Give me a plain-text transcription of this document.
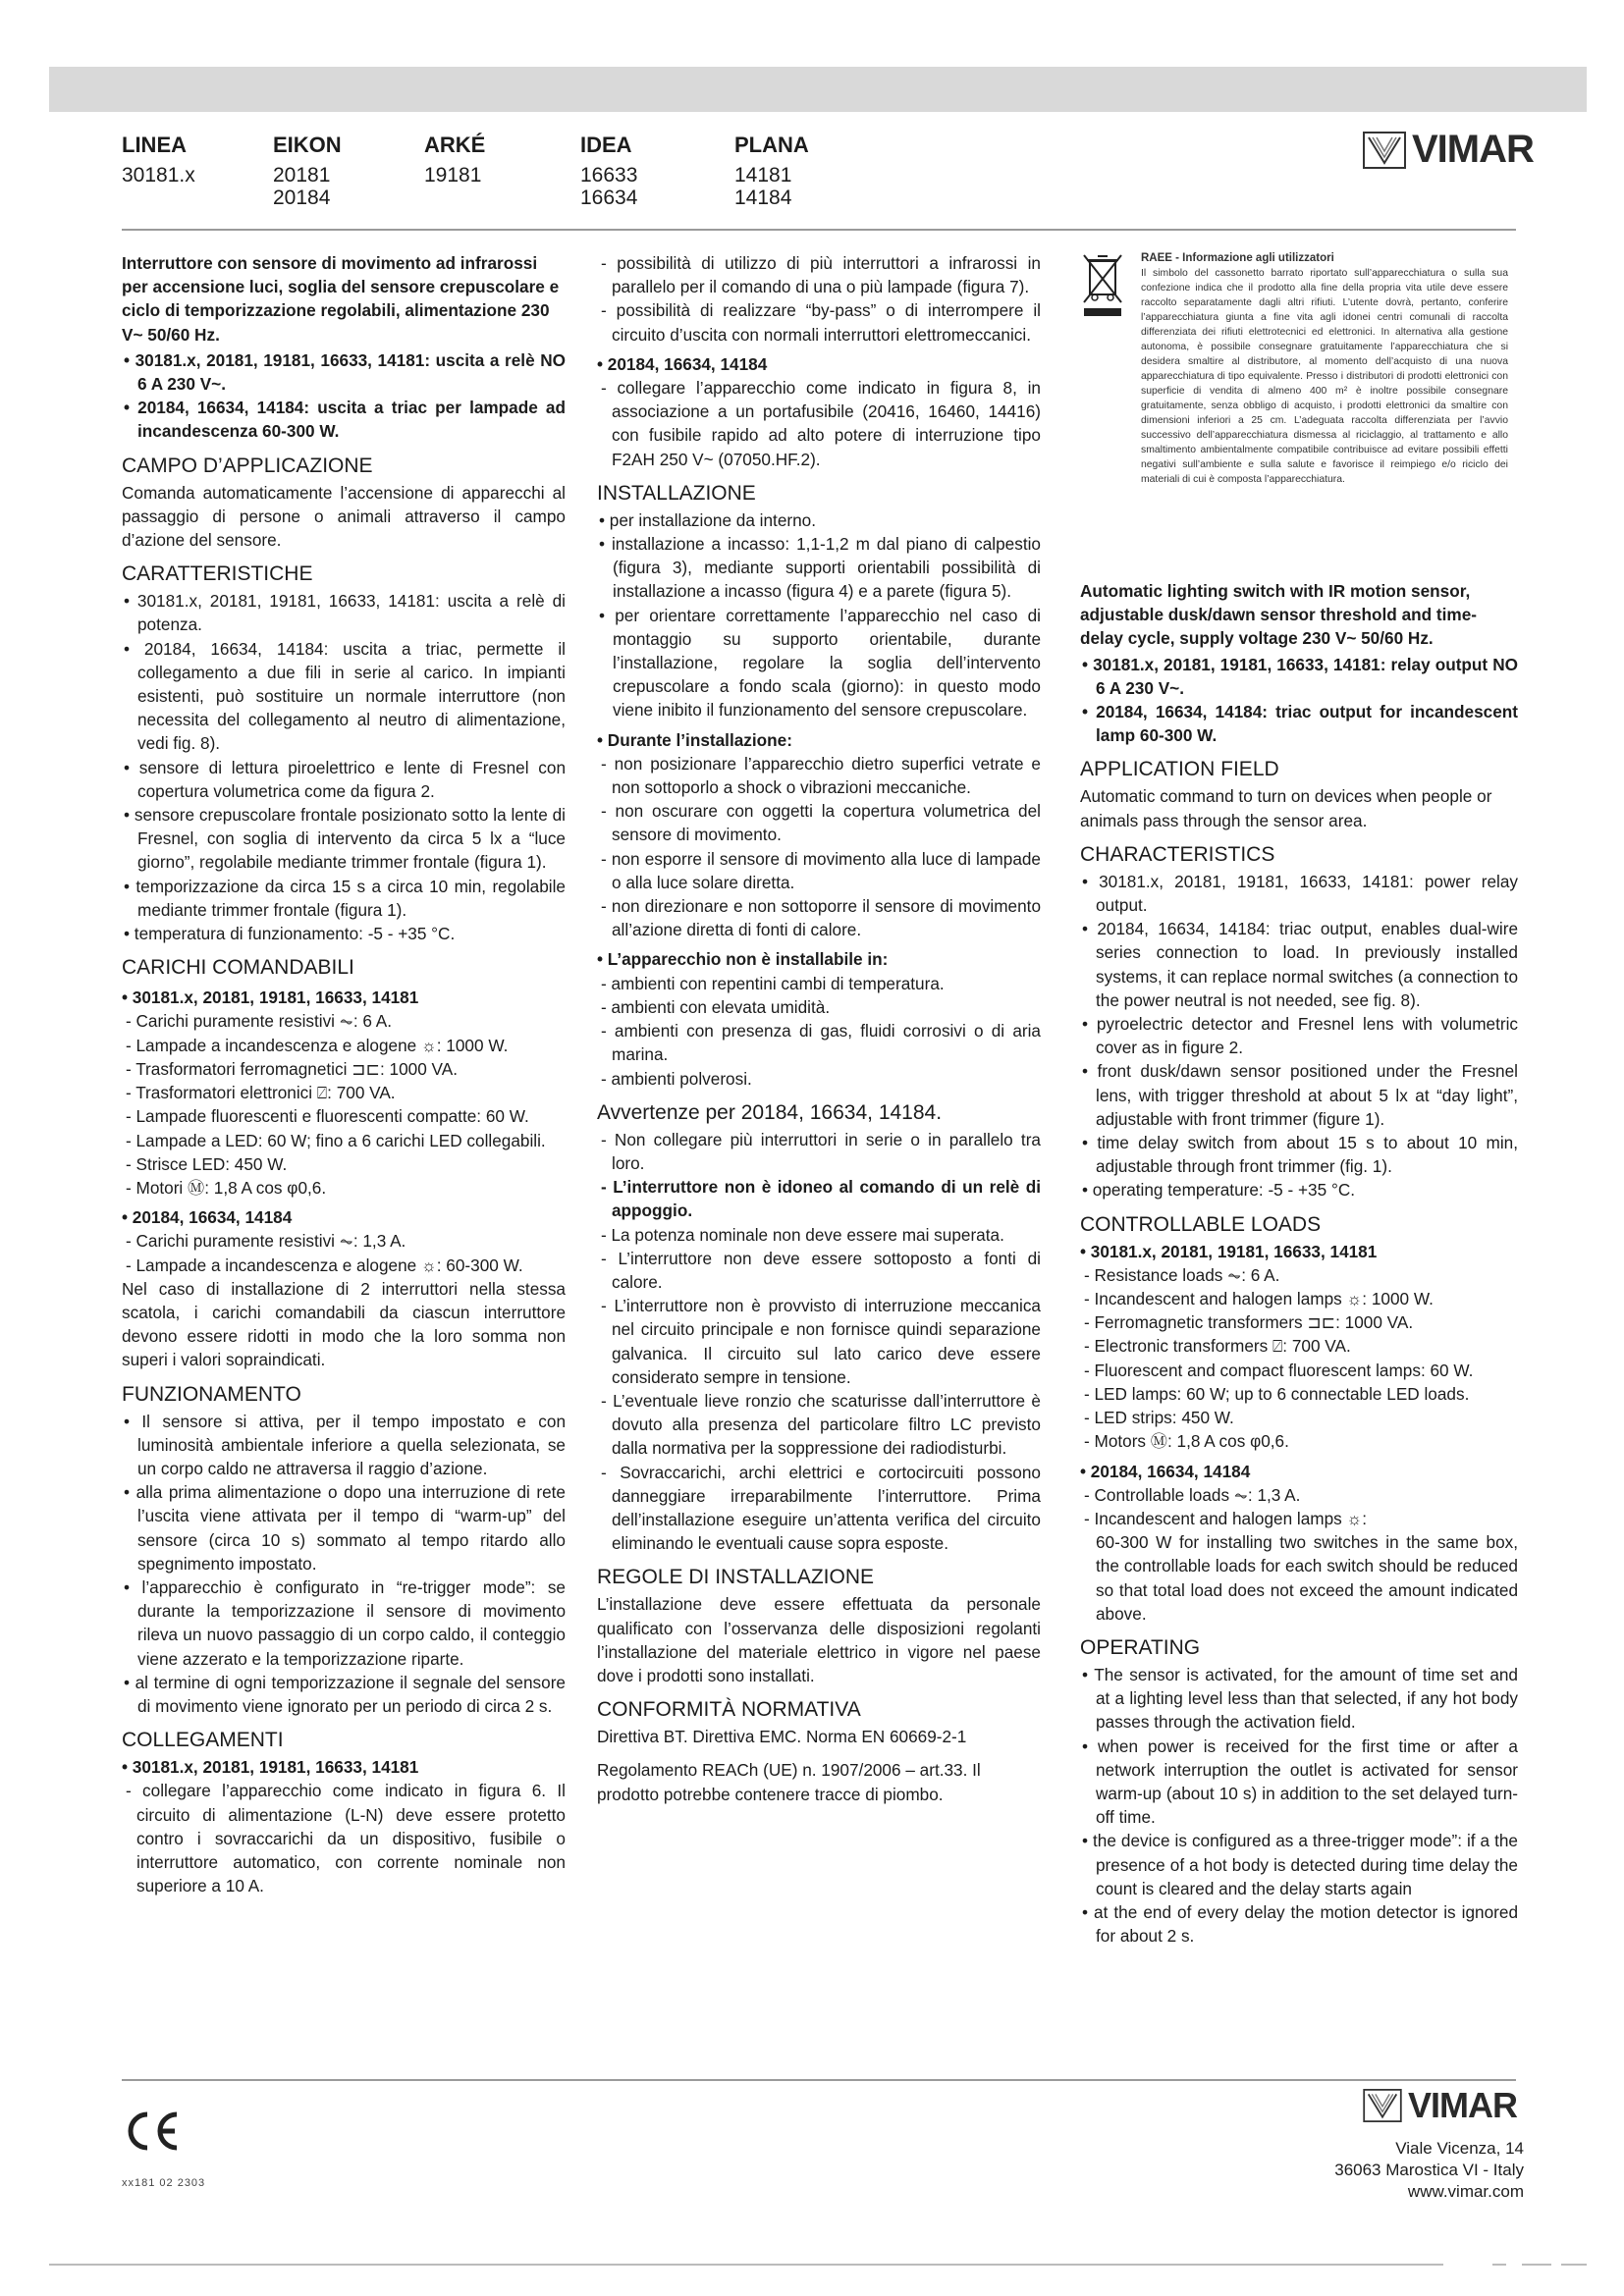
LINEA
30181.x
EIKON
20181
20184
ARKÉ
19181
IDEA
16633
16634
PLANA
14181
14184
VIMAR

Interruttore con sensore di movimento ad infrarossi per accensione luci, soglia del sensore crepuscolare e ciclo di temporizzazione regolabili, alimentazione 230 V~ 50/60 Hz.

• 30181.x, 20181, 19181, 16633, 14181: uscita a relè NO 6 A 230 V~.

• 20184, 16634, 14184: uscita a triac per lampade ad incandescenza 60-300 W.

CAMPO D’APPLICAZIONE

Comanda automaticamente l’accensione di apparecchi al passaggio di persone o animali attraverso il campo d’azione del sensore.

CARATTERISTICHE

• 30181.x, 20181, 19181, 16633, 14181: uscita a relè di potenza.

• 20184, 16634, 14184: uscita a triac, permette il collegamento a due fili in serie al carico. In impianti esistenti, può sostituire un normale interruttore (non necessita del collegamento al neutro di alimentazione, vedi fig. 8).

• sensore di lettura piroelettrico e lente di Fresnel con copertura volumetrica come da figura 2.

• sensore crepuscolare frontale posizionato sotto la lente di Fresnel, con soglia di intervento da circa 5 lx a “luce giorno”, regolabile mediante trimmer frontale (figura 1).

• temporizzazione da circa 15 s a circa 10 min, regolabile mediante trimmer frontale (figura 1).

• temperatura di funzionamento: -5 - +35 °C.

CARICHI COMANDABILI

• 30181.x, 20181, 19181, 16633, 14181

- Carichi puramente resistivi ⏦: 6 A.

- Lampade a incandescenza e alogene ☼: 1000 W.

- Trasformatori ferromagnetici ⊐⊏: 1000 VA.

- Trasformatori elettronici ⍁: 700 VA.

- Lampade fluorescenti e fluorescenti compatte: 60 W.

- Lampade a LED: 60 W; fino a 6 carichi LED collegabili.

- Strisce LED: 450 W.

- Motori Ⓜ: 1,8 A cos φ0,6.

• 20184, 16634, 14184

- Carichi puramente resistivi ⏦: 1,3 A.

- Lampade a incandescenza e alogene ☼: 60-300 W.

Nel caso di installazione di 2 interruttori nella stessa scatola, i carichi comandabili da ciascun interruttore devono essere ridotti in modo che la loro somma non superi i valori sopraindicati.

FUNZIONAMENTO

• Il sensore si attiva, per il tempo impostato e con luminosità ambientale inferiore a quella selezionata, se un corpo caldo ne attraversa il raggio d’azione.

• alla prima alimentazione o dopo una interruzione di rete l’uscita viene attivata per il tempo di “warm-up” del sensore (circa 10 s) sommato al tempo ritardo allo spegnimento impostato.

• l’apparecchio è configurato in “re-trigger mode”: se durante la temporizzazione il sensore di movimento rileva un nuovo passaggio di un corpo caldo, il conteggio viene azzerato e la temporizzazione riparte.

• al termine di ogni temporizzazione il segnale del sensore di movimento viene ignorato per un periodo di circa 2 s.

COLLEGAMENTI

• 30181.x, 20181, 19181, 16633, 14181

- collegare l’apparecchio come indicato in figura 6. Il circuito di alimentazione (L-N) deve essere protetto contro i sovraccarichi da un dispositivo, fusibile o interruttore automatico, con corrente nominale non superiore a 10 A.

- possibilità di utilizzo di più interruttori a infrarossi in parallelo per il comando di una o più lampade (figura 7).

- possibilità di realizzare “by-pass” o di interrompere il circuito d’uscita con normali interruttori elettromeccanici.

• 20184, 16634, 14184

- collegare l’apparecchio come indicato in figura 8, in associazione a un portafusibile (20416, 16460, 14416) con fusibile rapido ad alto potere di interruzione tipo F2AH 250 V~ (07050.HF.2).

INSTALLAZIONE

• per installazione da interno.

• installazione a incasso: 1,1-1,2 m dal piano di calpestio (figura 3), mediante supporti orientabili possibilità di installazione a incasso (figura 4) e a parete (figura 5).

• per orientare correttamente l’apparecchio nel caso di montaggio su supporto orientabile, durante l’installazione, regolare la soglia dell’intervento crepuscolare a fondo scala (giorno): in questo modo viene inibito il funzionamento del sensore crepuscolare.

• Durante l’installazione:

- non posizionare l’apparecchio dietro superfici vetrate e non sottoporlo a shock o vibrazioni meccaniche.

- non oscurare con oggetti la copertura volumetrica del sensore di movimento.

- non esporre il sensore di movimento alla luce di lampade o alla luce solare diretta.

- non direzionare e non sottoporre il sensore di movimento all’azione diretta di fonti di calore.

• L’apparecchio non è installabile in:

- ambienti con repentini cambi di temperatura.

- ambienti con elevata umidità.

- ambienti con presenza di gas, fluidi corrosivi o di aria marina.

- ambienti polverosi.

Avvertenze per 20184, 16634, 14184.

- Non collegare più interruttori in serie o in parallelo tra loro.

- L’interruttore non è idoneo al comando di un relè di appoggio.

- La potenza nominale non deve essere mai superata.

- L’interruttore non deve essere sottoposto a fonti di calore.

- L’interruttore non è provvisto di interruzione meccanica nel circuito principale e non fornisce quindi separazione galvanica. Il circuito sul lato carico deve essere considerato sempre in tensione.

- L’eventuale lieve ronzio che scaturisse dall’interruttore è dovuto alla presenza del particolare filtro LC previsto dalla normativa per la soppressione dei radiodisturbi.

- Sovraccarichi, archi elettrici e cortocircuiti possono danneggiare irreparabilmente l’interruttore. Prima dell’installazione eseguire un’attenta verifica del circuito eliminando le eventuali cause sopra esposte.

REGOLE DI INSTALLAZIONE

L’installazione deve essere effettuata da personale qualificato con l’osservanza delle disposizioni regolanti l’installazione del materiale elettrico in vigore nel paese dove i prodotti sono installati.

CONFORMITÀ NORMATIVA

Direttiva BT. Direttiva EMC. Norma EN 60669-2-1

Regolamento REACh (UE) n. 1907/2006 – art.33. Il prodotto potrebbe contenere tracce di piombo.

RAEE - Informazione agli utilizzatori
Il simbolo del cassonetto barrato riportato sull’apparecchiatura o sulla sua confezione indica che il prodotto alla fine della propria vita utile deve essere raccolto separatamente dagli altri rifiuti. L’utente dovrà, pertanto, conferire l’apparecchiatura giunta a fine vita agli idonei centri comunali di raccolta differenziata dei rifiuti elettrotecnici ed elettronici. In alternativa alla gestione autonoma, è possibile consegnare gratuitamente l’apparecchiatura che si desidera smaltire al distributore, al momento dell’acquisto di una nuova apparecchiatura di tipo equivalente. Presso i distributori di prodotti elettronici con superficie di vendita di almeno 400 m² è inoltre possibile consegnare gratuitamente, senza obbligo di acquisto, i prodotti elettronici da smaltire con dimensioni inferiori a 25 cm. L’adeguata raccolta differenziata per l’avvio successivo dell’apparecchiatura dismessa al riciclaggio, al trattamento e allo smaltimento ambientalmente compatibile contribuisce ad evitare possibili effetti negativi sull’ambiente e sulla salute e favorisce il reimpiego e/o riciclo dei materiali di cui è composta l’apparecchiatura.

Automatic lighting switch with IR motion sensor, adjustable dusk/dawn sensor threshold and time-delay cycle, supply voltage 230 V~ 50/60 Hz.

• 30181.x, 20181, 19181, 16633, 14181: relay output NO 6 A 230 V~.

• 20184, 16634, 14184: triac output for incandescent lamp 60-300 W.

APPLICATION FIELD

Automatic command to turn on devices when people or animals pass through the sensor area.

CHARACTERISTICS

• 30181.x, 20181, 19181, 16633, 14181: power relay output.

• 20184, 16634, 14184: triac output, enables dual-wire series connection to load. In previously installed systems, it can replace normal switches (a connection to the power neutral is not needed, see fig. 8).

• pyroelectric detector and Fresnel lens with volumetric cover as in figure 2.

• front dusk/dawn sensor positioned under the Fresnel lens, with trigger threshold at about 5 lx at “day light”, adjustable with front trimmer (figure 1).

• time delay switch from about 15 s to about 10 min, adjustable through front trimmer (fig. 1).

• operating temperature: -5 - +35 °C.

CONTROLLABLE LOADS

• 30181.x, 20181, 19181, 16633, 14181

- Resistance loads ⏦: 6 A.

- Incandescent and halogen lamps ☼: 1000 W.

- Ferromagnetic transformers ⊐⊏: 1000 VA.

- Electronic transformers ⍁: 700 VA.

- Fluorescent and compact fluorescent lamps: 60 W.

- LED lamps: 60 W; up to 6 connectable LED loads.

- LED strips: 450 W.

- Motors Ⓜ: 1,8 A cos φ0,6.

• 20184, 16634, 14184

- Controllable loads ⏦: 1,3 A.

- Incandescent and halogen lamps ☼:

60-300 W for installing two switches in the same box, the controllable loads for each switch should be reduced so that total load does not exceed the amount indicated above.

OPERATING

• The sensor is activated, for the amount of time set and at a lighting level less than that selected, if any hot body passes through the activation field.

• when power is received for the first time or after a network interruption the outlet is activated for sensor warm-up (about 10 s) in addition to the set delayed turn-off time.

• the device is configured as a three-trigger mode”: if a the presence of a hot body is detected during time delay the count is cleared and the delay starts again

• at the end of every delay the motion detector is ignored for about 2 s.

xx181 02 2303
VIMAR
Viale Vicenza, 14
36063 Marostica VI - Italy
www.vimar.com
